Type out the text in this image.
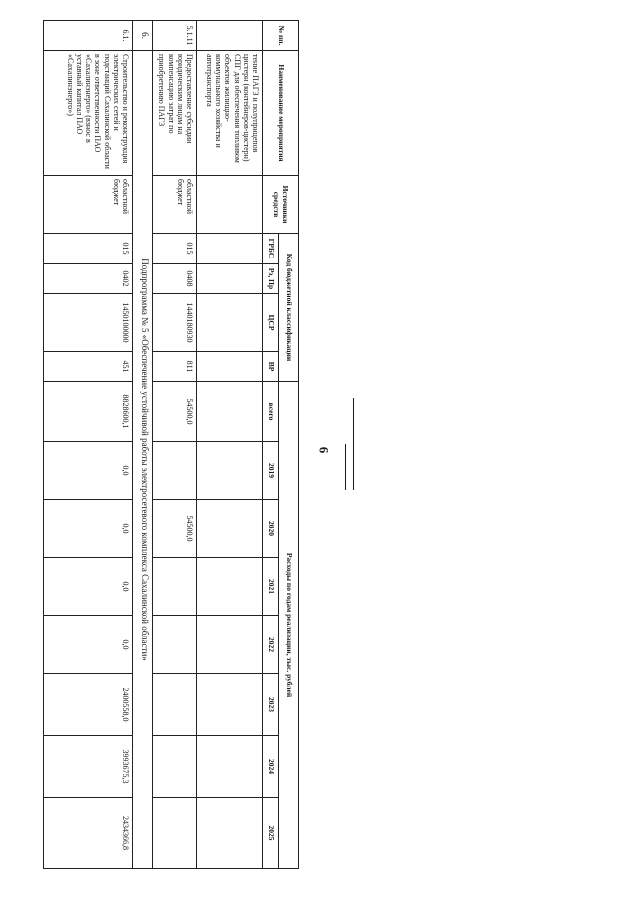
№ пп.	Наименование мероприятия	Источники средств	Код бюджетной классификации				Расходы по годам реализации, тыс. рублей							
			ГРБС	Рз, Пр	ЦСР	ВР	всего	2019	2020	2021	2022	2023	2024	2025
	тение ПАГЗ и полуприцепов цистерн (контейнеров-цистерн) СПГ для обеспечения топливом объектов жилищно-коммунального хозяйства и автотранспорта													
5.1.11	Предоставление субсидии юридическим лицам на компенсацию затрат по приобретению ПАГЗ	областной бюджет	015	0408	1440180930	811	54500,0		54500,0					
6.	Подпрограмма № 5 «Обеспечение устойчивой работы электросетевого комплекса Сахалинской области»													
6.1.	Строительство и реконструкция электрических сетей и подстанций Сахалинской области в зоне ответственности ПАО «Сахалинэнерго» (взнос в уставный капитал ПАО «Сахалинэнерго»)	областной бюджет	015	0402	1450100000	451	8828600,1	0,0	0,0	0,0	0,0	2400558,0	3993675,3	2434366,8
6
